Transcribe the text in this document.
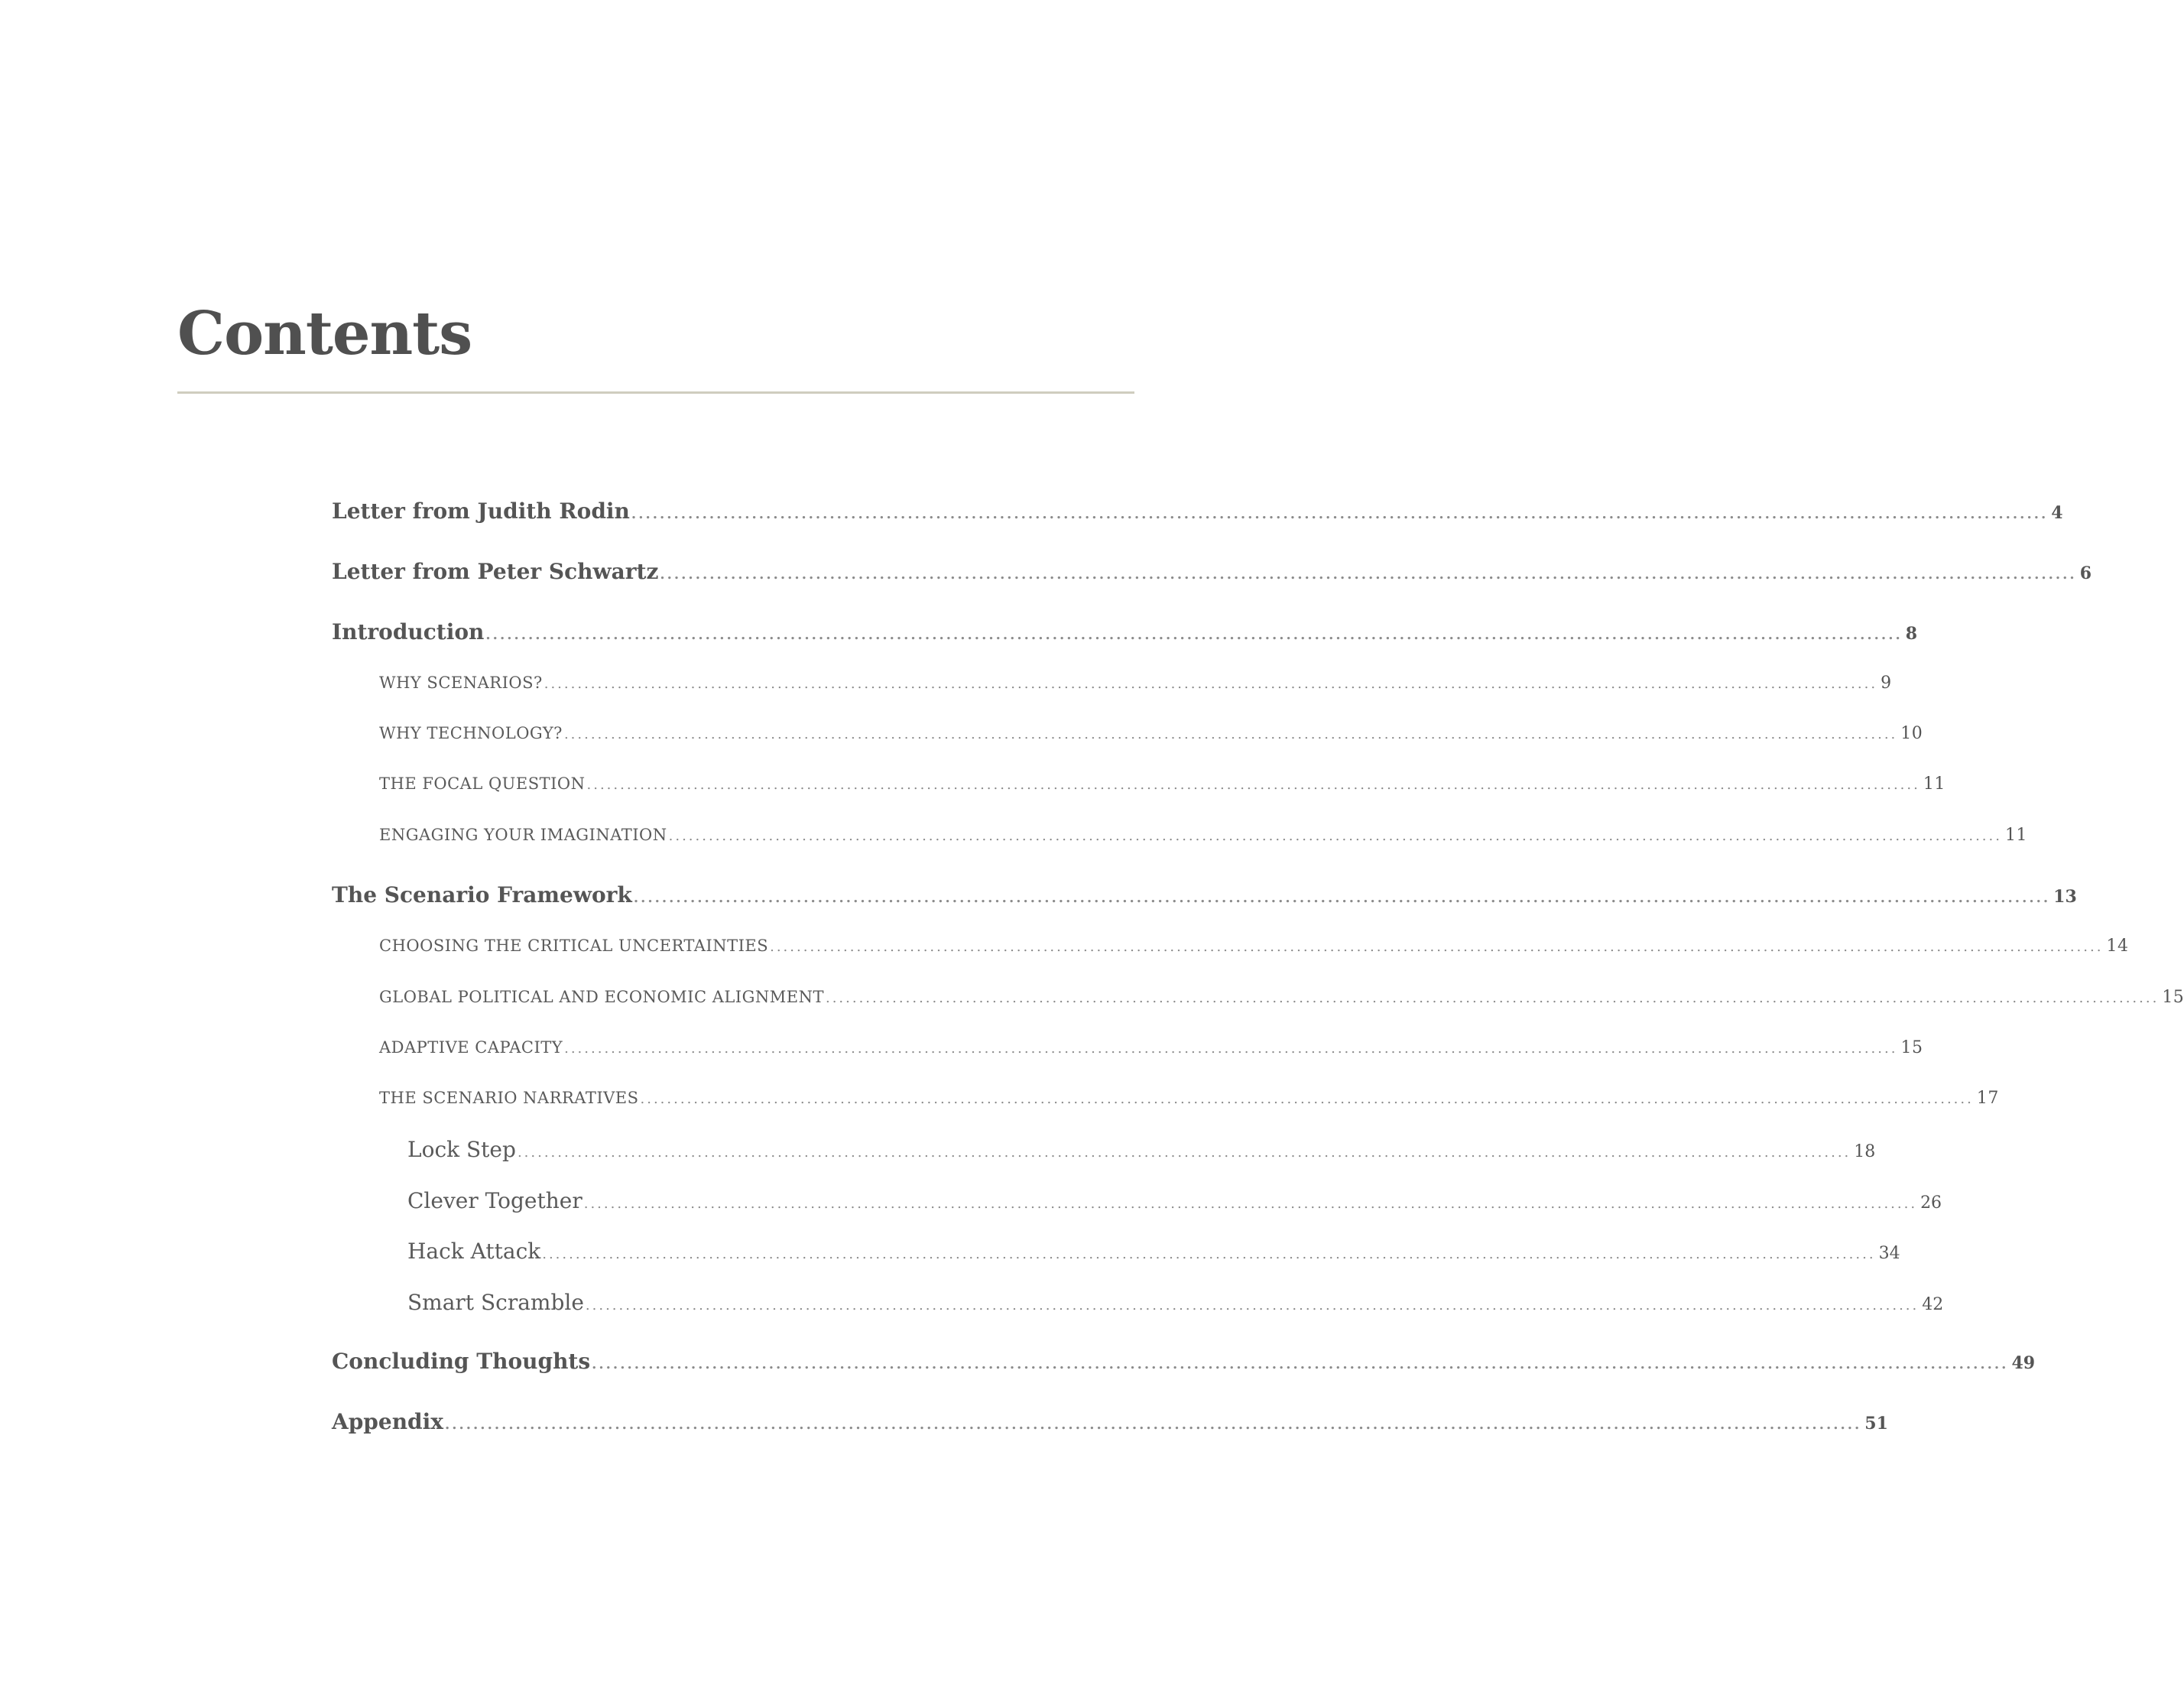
Contents
Letter from Judith Rodin ........................................................................................................................................................................................................ 4
Letter from Peter Schwartz ........................................................................................................................................................................................................ 6
Introduction ........................................................................................................................................................................................................ 8
WHY SCENARIOS? ........................................................................................................................................................................................................ 9
WHY TECHNOLOGY? ........................................................................................................................................................................................................ 10
THE FOCAL QUESTION ........................................................................................................................................................................................................ 11
ENGAGING YOUR IMAGINATION ........................................................................................................................................................................................................ 11
The Scenario Framework ........................................................................................................................................................................................................ 13
CHOOSING THE CRITICAL UNCERTAINTIES ........................................................................................................................................................................................................ 14
GLOBAL POLITICAL AND ECONOMIC ALIGNMENT ........................................................................................................................................................................................................ 15
ADAPTIVE CAPACITY ........................................................................................................................................................................................................ 15
THE SCENARIO NARRATIVES ........................................................................................................................................................................................................ 17
Lock Step ........................................................................................................................................................................................................ 18
Clever Together ........................................................................................................................................................................................................ 26
Hack Attack ........................................................................................................................................................................................................ 34
Smart Scramble ........................................................................................................................................................................................................ 42
Concluding Thoughts ........................................................................................................................................................................................................ 49
Appendix ........................................................................................................................................................................................................ 51
